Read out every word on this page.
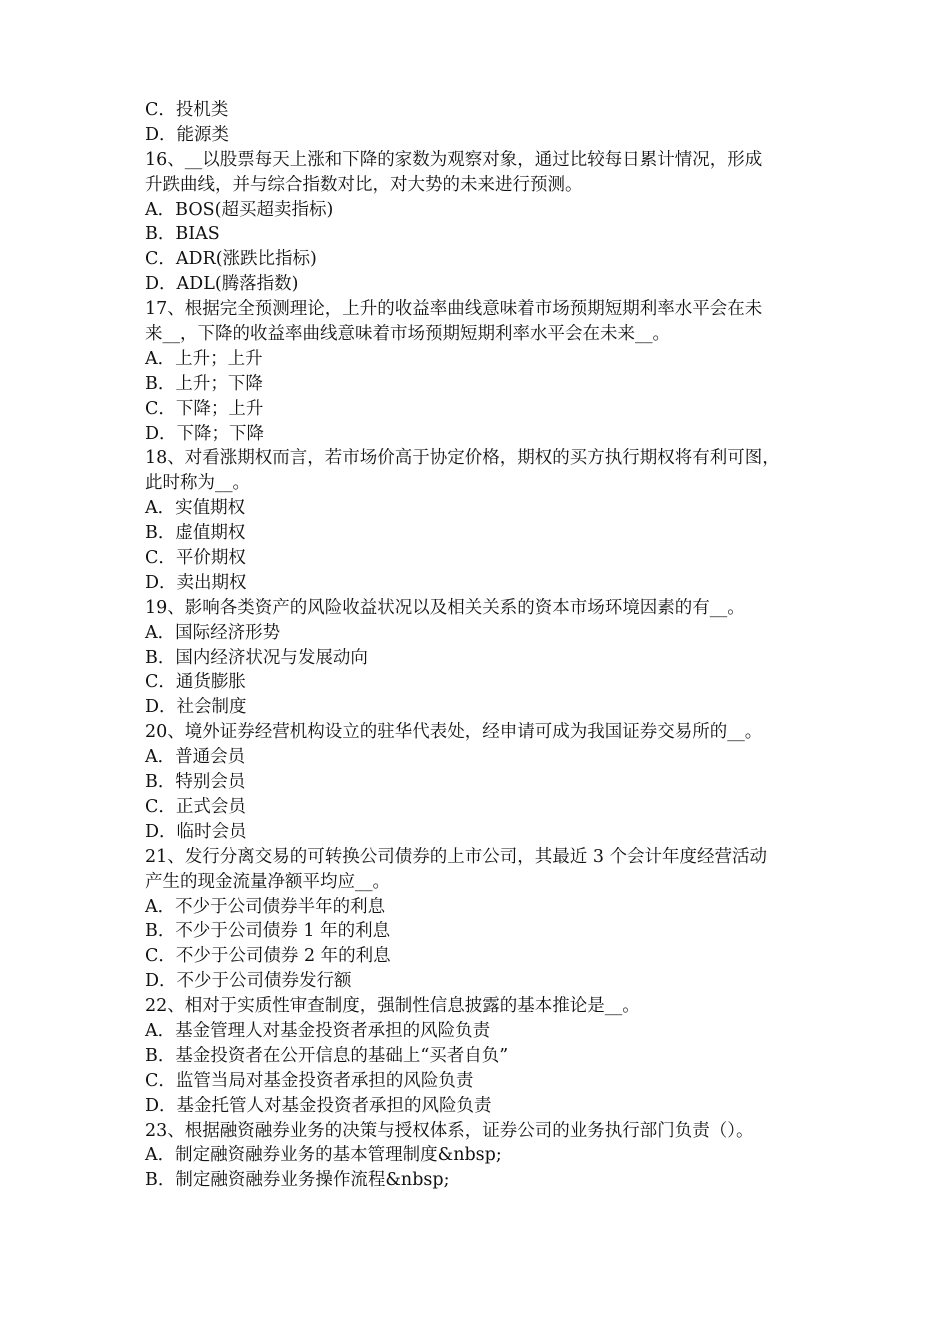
C．投机类
D．能源类
16、__以股票每天上涨和下降的家数为观察对象，通过比较每日累计情况，形成
升跌曲线，并与综合指数对比，对大势的未来进行预测。
A．BOS(超买超卖指标)
B．BIAS
C．ADR(涨跌比指标)
D．ADL(腾落指数)
17、根据完全预测理论，上升的收益率曲线意味着市场预期短期利率水平会在未
来__，下降的收益率曲线意味着市场预期短期利率水平会在未来__。
A．上升；上升
B．上升；下降
C．下降；上升
D．下降；下降
18、对看涨期权而言，若市场价高于协定价格，期权的买方执行期权将有利可图，
此时称为__。
A．实值期权
B．虚值期权
C．平价期权
D．卖出期权
19、影响各类资产的风险收益状况以及相关关系的资本市场环境因素的有__。
A．国际经济形势
B．国内经济状况与发展动向
C．通货膨胀
D．社会制度
20、境外证券经营机构设立的驻华代表处，经申请可成为我国证券交易所的__。
A．普通会员
B．特别会员
C．正式会员
D．临时会员
21、发行分离交易的可转换公司债券的上市公司，其最近 3 个会计年度经营活动
产生的现金流量净额平均应__。
A．不少于公司债券半年的利息
B．不少于公司债券 1 年的利息
C．不少于公司债券 2 年的利息
D．不少于公司债券发行额
22、相对于实质性审查制度，强制性信息披露的基本推论是__。
A．基金管理人对基金投资者承担的风险负责
B．基金投资者在公开信息的基础上“买者自负”
C．监管当局对基金投资者承担的风险负责
D．基金托管人对基金投资者承担的风险负责
23、根据融资融券业务的决策与授权体系，证券公司的业务执行部门负责（）。
A．制定融资融券业务的基本管理制度&nbsp;
B．制定融资融券业务操作流程&nbsp;
